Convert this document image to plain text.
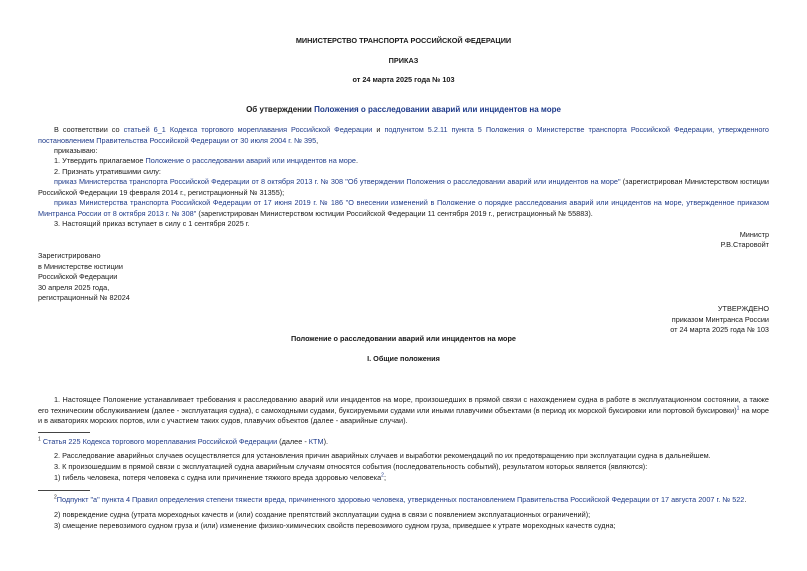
МИНИСТЕРСТВО ТРАНСПОРТА РОССИЙСКОЙ ФЕДЕРАЦИИ
ПРИКАЗ
от 24 марта 2025 года № 103
Об утверждении Положения о расследовании аварий или инцидентов на море
В соответствии со статьей 6_1 Кодекса торгового мореплавания Российской Федерации и подпунктом 5.2.11 пункта 5 Положения о Министерстве транспорта Российской Федерации, утвержденного постановлением Правительства Российской Федерации от 30 июля 2004 г. № 395,
приказываю:
1. Утвердить прилагаемое Положение о расследовании аварий или инцидентов на море.
2. Признать утратившими силу:
приказ Министерства транспорта Российской Федерации от 8 октября 2013 г. № 308 "Об утверждении Положения о расследовании аварий или инцидентов на море" (зарегистрирован Министерством юстиции Российской Федерации 19 февраля 2014 г., регистрационный № 31355);
приказ Министерства транспорта Российской Федерации от 17 июня 2019 г. № 186 "О внесении изменений в Положение о порядке расследования аварий или инцидентов на море, утвержденное приказом Минтранса России от 8 октября 2013 г. № 308" (зарегистрирован Министерством юстиции Российской Федерации 11 сентября 2019 г., регистрационный № 55883).
3. Настоящий приказ вступает в силу с 1 сентября 2025 г.
Министр
Р.В.Старовойт
Зарегистрировано
в Министерстве юстиции
Российской Федерации
30 апреля 2025 года,
регистрационный № 82024
УТВЕРЖДЕНО
приказом Минтранса России
от 24 марта 2025 года № 103
Положение о расследовании аварий или инцидентов на море
I. Общие положения
1. Настоящее Положение устанавливает требования к расследованию аварий или инцидентов на море, произошедших в прямой связи с нахождением судна в работе в эксплуатационном состоянии, а также его техническим обслуживанием (далее - эксплуатация судна), с самоходными судами, буксируемыми судами или иными плавучими объектами (в период их морской буксировки или портовой буксировки)$^1$ на море и в акваториях морских портов, или с участием таких судов, плавучих объектов (далее - аварийные случаи).
$^1$ Статья 225 Кодекса торгового мореплавания Российской Федерации (далее - КТМ).
2. Расследование аварийных случаев осуществляется для установления причин аварийных случаев и выработки рекомендаций по их предотвращению при эксплуатации судна в дальнейшем.
3. К произошедшим в прямой связи с эксплуатацией судна аварийным случаям относятся события (последовательность событий), результатом которых является (являются):
1) гибель человека, потеря человека с судна или причинение тяжкого вреда здоровью человека$^2$;
$^2$Подпункт "а" пункта 4 Правил определения степени тяжести вреда, причиненного здоровью человека, утвержденных постановлением Правительства Российской Федерации от 17 августа 2007 г. № 522.
2) повреждение судна (утрата мореходных качеств и (или) создание препятствий эксплуатации судна в связи с появлением эксплуатационных ограничений);
3) смещение перевозимого судном груза и (или) изменение физико-химических свойств перевозимого судном груза, приведшее к утрате мореходных качеств судна;
